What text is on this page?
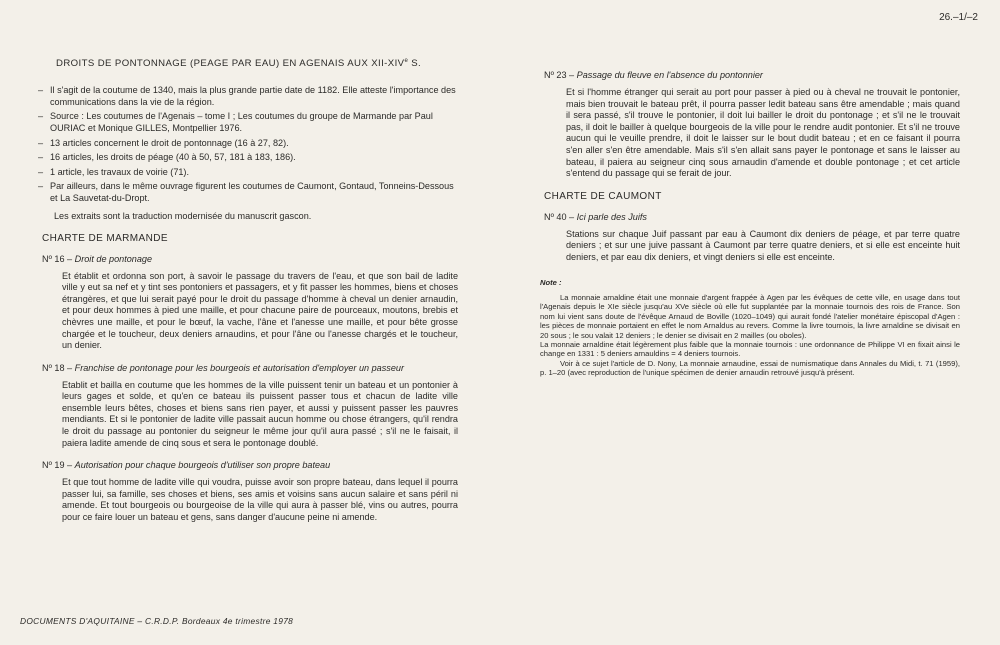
26.–1/–2
DROITS DE PONTONNAGE (PEAGE PAR EAU) EN AGENAIS AUX XII-XIVe S.
– Il s'agit de la coutume de 1340, mais la plus grande partie date de 1182. Elle atteste l'importance des communications dans la vie de la région.
– Source : Les coutumes de l'Agenais – tome I ; Les coutumes du groupe de Marmande par Paul OURIAC et Monique GILLES, Montpellier 1976.
– 13 articles concernent le droit de pontonnage (16 à 27, 82).
– 16 articles, les droits de péage (40 à 50, 57, 181 à 183, 186).
– 1 article, les travaux de voirie (71).
– Par ailleurs, dans le même ouvrage figurent les coutumes de Caumont, Gontaud, Tonneins-Dessous et La Sauvetat-du-Dropt.
Les extraits sont la traduction modernisée du manuscrit gascon.
CHARTE DE MARMANDE
Nº 16 – Droit de pontonage
Et établit et ordonna son port, à savoir le passage du travers de l'eau, et que son bail de ladite ville y eut sa nef et y tint ses pontoniers et passagers, et y fit passer les hommes, biens et choses étrangères, et que lui serait payé pour le droit du passage d'homme à cheval un denier arnaudin, et pour deux hommes à pied une maille, et pour chacune paire de pourceaux, moutons, brebis et chèvres une maille, et pour le bœuf, la vache, l'âne et l'anesse une maille, et pour bête grosse chargée et le toucheur, deux deniers arnaudins, et pour l'âne ou l'anesse chargés et le toucheur, un denier.
Nº 18 – Franchise de pontonage pour les bourgeois et autorisation d'employer un passeur
Etablit et bailla en coutume que les hommes de la ville puissent tenir un bateau et un pontonier à leurs gages et solde, et qu'en ce bateau ils puissent passer tous et chacun de ladite ville ensemble leurs bêtes, choses et biens sans rien payer, et aussi y puissent passer les pauvres mendiants. Et si le pontonier de ladite ville passait aucun homme ou chose étrangers, qu'il rendra le droit du passage au pontonier du seigneur le même jour qu'il aura passé ; s'il ne le faisait, il paiera ladite amende de cinq sous et sera le pontonage doublé.
Nº 19 – Autorisation pour chaque bourgeois d'utiliser son propre bateau
Et que tout homme de ladite ville qui voudra, puisse avoir son propre bateau, dans lequel il pourra passer lui, sa famille, ses choses et biens, ses amis et voisins sans aucun salaire et sans péril ni amende. Et tout bourgeois ou bourgeoise de la ville qui aura à passer blé, vins ou autres, pourra pour ce faire louer un bateau et gens, sans danger d'aucune peine ni amende.
Nº 23 – Passage du fleuve en l'absence du pontonnier
Et si l'homme étranger qui serait au port pour passer à pied ou à cheval ne trouvait le pontonier, mais bien trouvait le bateau prêt, il pourra passer ledit bateau sans être amendable ; mais quand il sera passé, s'il trouve le pontonier, il doit lui bailler le droit du pontonage ; et s'il ne le trouvait pas, il doit le bailler à quelque bourgeois de la ville pour le rendre audit pontonier. Et s'il ne trouve aucun qui le veuille prendre, il doit le laisser sur le bout dudit bateau ; et en ce faisant il pourra s'en aller s'en être amendable. Mais s'il s'en allait sans payer le pontonage et sans le laisser au bateau, il paiera au seigneur cinq sous arnaudin d'amende et double pontonage ; et cet article s'entend du passage qui se ferait de jour.
CHARTE DE CAUMONT
Nº 40 – Ici parle des Juifs
Stations sur chaque Juif passant par eau à Caumont dix deniers de péage, et par terre quatre deniers ; et sur une juive passant à Caumont par terre quatre deniers, et si elle est enceinte huit deniers, et par eau dix deniers, et vingt deniers si elle est enceinte.
Note :

La monnaie arnaldine était une monnaie d'argent frappée à Agen par les évêques de cette ville, en usage dans tout l'Agenais depuis le XIe siècle jusqu'au XVe siècle où elle fut supplantée par la monnaie tournois des rois de France. Son nom lui vient sans doute de l'évêque Arnaud de Boville (1020–1049) qui aurait fondé l'atelier monétaire épiscopal d'Agen : les pièces de monnaie portaient en effet le nom Arnaldus au revers. Comme la livre tournois, la livre arnaldine se divisait en 20 sous ; le sou valait 12 deniers ; le denier se divisait en 2 mailles (ou oboles).

La monnaie arnaldine était légèrement plus faible que la monnaie tournois : une ordonnance de Philippe VI en fixait ainsi le change en 1331 : 5 deniers arnauldins = 4 deniers tournois.

Voir à ce sujet l'article de D. Nony, La monnaie arnaudine, essai de numismatique dans Annales du Midi, t. 71 (1959), p. 1–20 (avec reproduction de l'unique spécimen de denier arnaudin retrouvé jusqu'à présent.

DOCUMENTS D'AQUITAINE – C.R.D.P. Bordeaux 4e trimestre 1978
